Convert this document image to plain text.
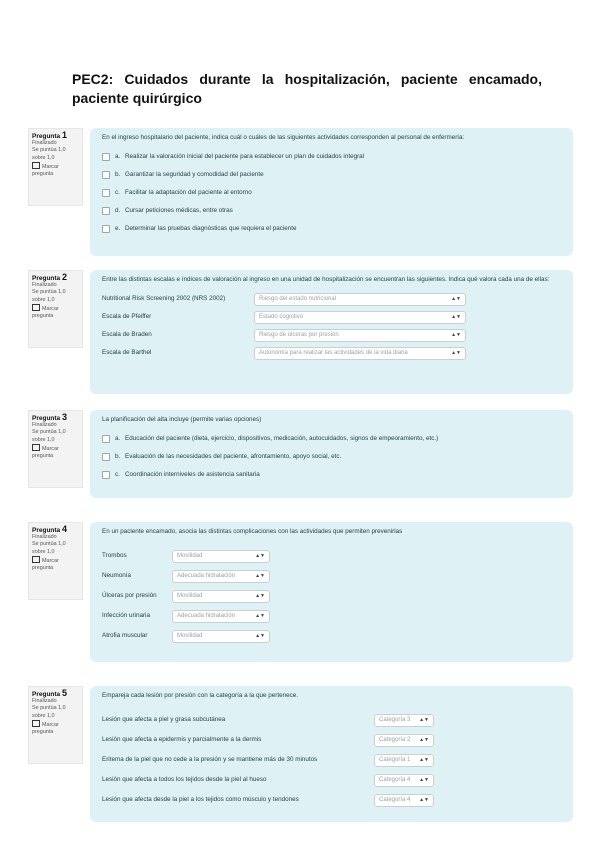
PEC2: Cuidados durante la hospitalización, paciente encamado, paciente quirúrgico
Pregunta 1
Finalizado
Se puntúa 1,0 sobre 1,0
Marcar pregunta
En el ingreso hospitalario del paciente, indica cuál o cuáles de las siguientes actividades corresponden al personal de enfermería:
a. Realizar la valoración inicial del paciente para establecer un plan de cuidados integral
b. Garantizar la seguridad y comodidad del paciente
c. Facilitar la adaptación del paciente al entorno
d. Cursar peticiones médicas, entre otras
e. Determinar las pruebas diagnósticas que requiera el paciente
Pregunta 2
Finalizado
Se puntúa 1,0 sobre 1,0
Marcar pregunta
Entre las distintas escalas e índices de valoración al ingreso en una unidad de hospitalización se encuentran las siguientes. Indica qué valora cada una de ellas:
Nutritional Risk Screening 2002 (NRS 2002)	Riesgo del estado nutricional	▲▼
Escala de Pfeiffer	Estado cognitivo	▲▼
Escala de Braden	Riesgo de úlceras por presión	▲▼
Escala de Barthel	Autonomía para realizar las actividades de la vida diaria	▲▼
Pregunta 3
Finalizado
Se puntúa 1,0 sobre 1,0
Marcar pregunta
La planificación del alta incluye (permite varias opciones)
a. Educación del paciente (dieta, ejercicio, dispositivos, medicación, autocuidados, signos de empeoramiento, etc.)
b. Evaluación de las necesidades del paciente, afrontamiento, apoyo social, etc.
c. Coordinación interniveles de asistencia sanitaria
Pregunta 4
Finalizado
Se puntúa 1,0 sobre 1,0
Marcar pregunta
En un paciente encamado, asocia las distintas complicaciones con las actividades que permiten prevenirlas
Trombos	Movilidad	▲▼
Neumonía	Adecuada hidratación	▲▼
Úlceras por presión	Movilidad	▲▼
Infección urinaria	Adecuada hidratación	▲▼
Atrofia muscular	Movilidad	▲▼
Pregunta 5
Finalizado
Se puntúa 1,0 sobre 1,0
Marcar pregunta
Empareja cada lesión por presión con la categoría a la que pertenece.
Lesión que afecta a piel y grasa subcutánea	Categoría 3 ▲▼
Lesión que afecta a epidermis y parcialmente a la dermis	Categoría 2 ▲▼
Eritema de la piel que no cede a la presión y se mantiene más de 30 minutos	Categoría 1 ▲▼
Lesión que afecta a todos los tejidos desde la piel al hueso	Categoría 4 ▲▼
Lesión que afecta desde la piel a los tejidos como músculo y tendones	Categoría 4 ▲▼
